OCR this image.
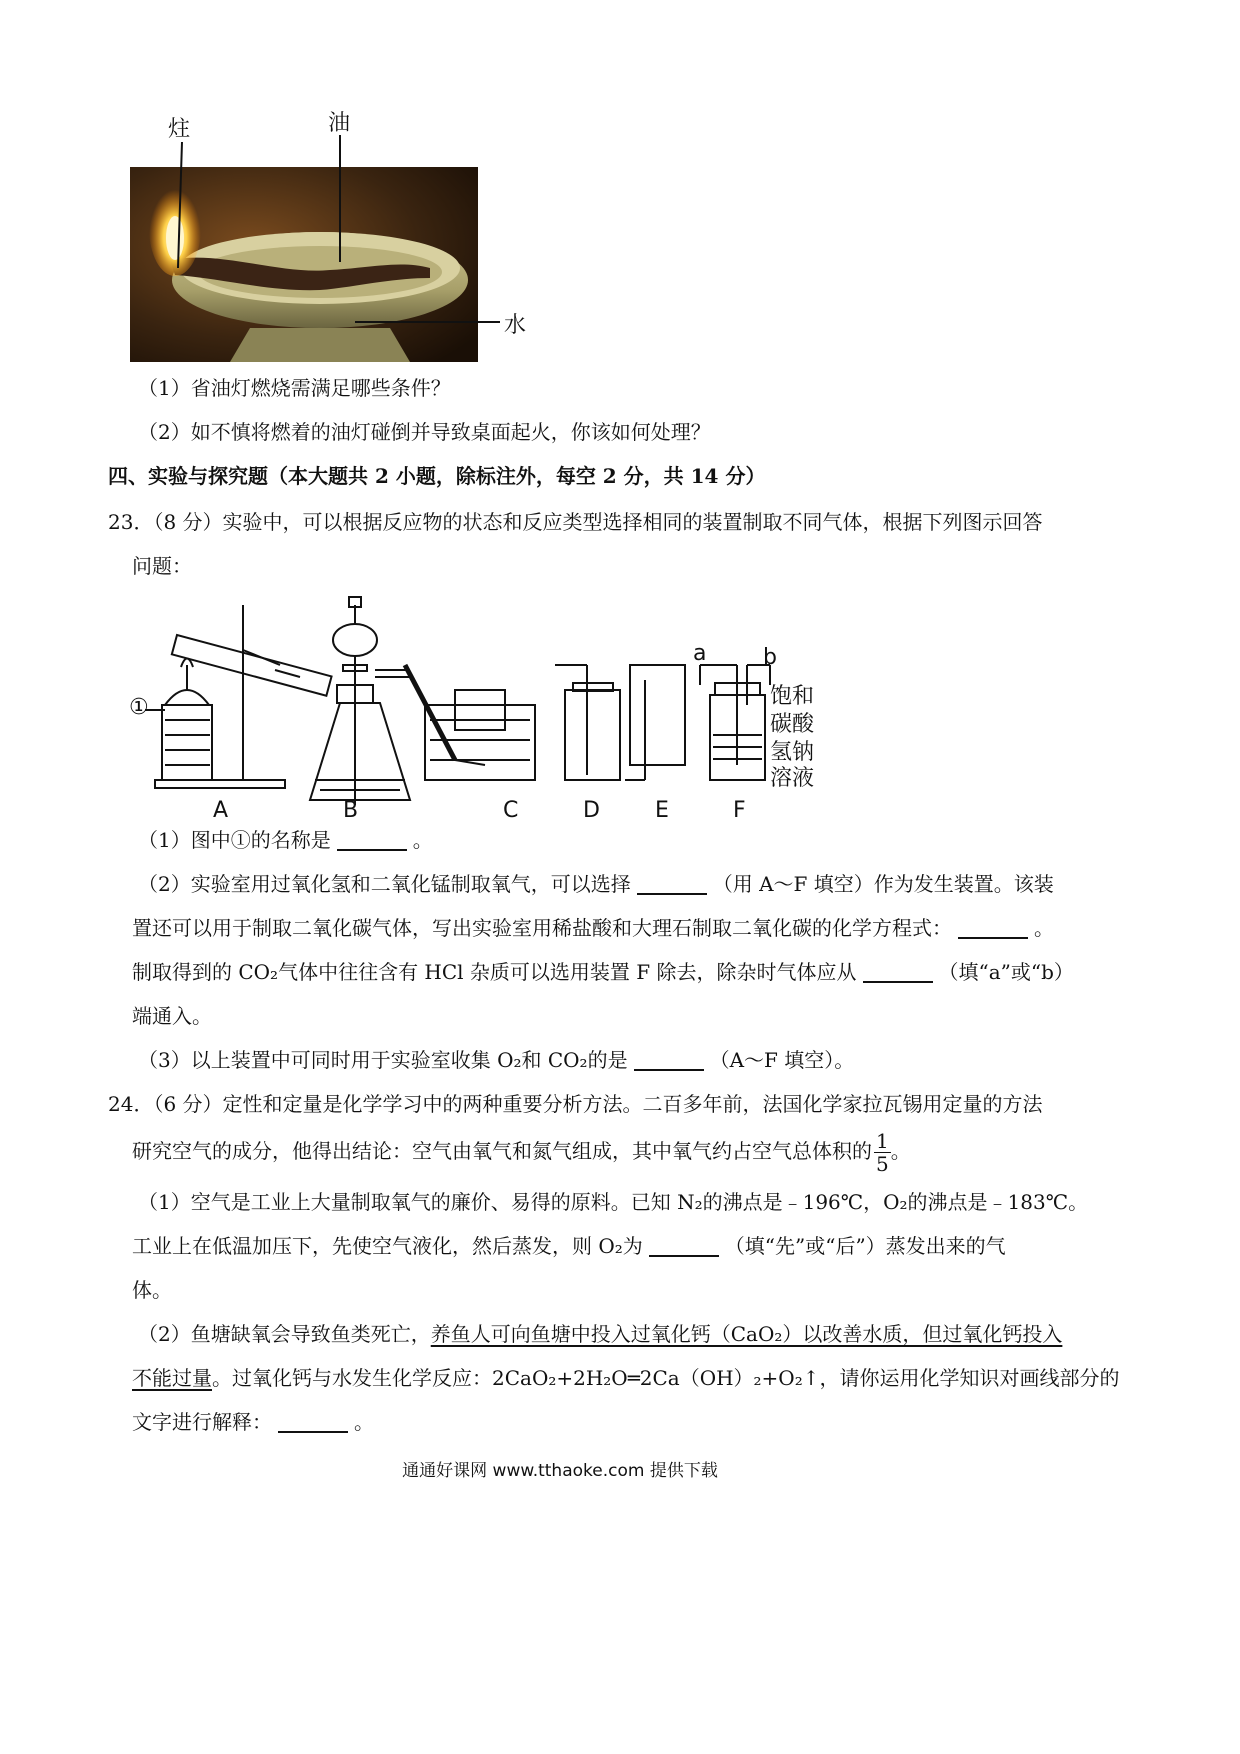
炷	油
水
（1）省油灯燃烧需满足哪些条件？
（2）如不慎将燃着的油灯碰倒并导致桌面起火，你该如何处理？
四、实验与探究题（本大题共 2 小题，除标注外，每空 2 分，共 14 分）
23．（8 分）实验中，可以根据反应物的状态和反应类型选择相同的装置制取不同气体，根据下列图示回答
问题：
①
A	B	C	D	E	F
a	b
饱和
碳酸
氢钠
溶液
（1）图中①的名称是	。
（2）实验室用过氧化氢和二氧化锰制取氧气，可以选择	（用 A～F 填空）作为发生装置。该装
置还可以用于制取二氧化碳气体，写出实验室用稀盐酸和大理石制取二氧化碳的化学方程式：	。
制取得到的 CO₂气体中往往含有 HCl 杂质可以选用装置 F 除去，除杂时气体应从	（填“a”或“b）
端通入。
（3）以上装置中可同时用于实验室收集 O₂和 CO₂的是	（A～F 填空）。
24．（6 分）定性和定量是化学学习中的两种重要分析方法。二百多年前，法国化学家拉瓦锡用定量的方法
研究空气的成分，他得出结论：空气由氧气和氮气组成，其中氧气约占空气总体积的 $\frac{1}{5}$ 。
（1）空气是工业上大量制取氧气的廉价、易得的原料。已知 N₂的沸点是﹣196℃，O₂的沸点是﹣183℃。
工业上在低温加压下，先使空气液化，然后蒸发，则 O₂为	（填“先”或“后”）蒸发出来的气
体。
（2）鱼塘缺氧会导致鱼类死亡，养鱼人可向鱼塘中投入过氧化钙（CaO₂）以改善水质，但过氧化钙投入
不能过量。过氧化钙与水发生化学反应：2CaO₂+2H₂O═2Ca（OH）₂+O₂↑，请你运用化学知识对画线部分的
文字进行解释：	。
通通好课网 www.tthaoke.com 提供下载
